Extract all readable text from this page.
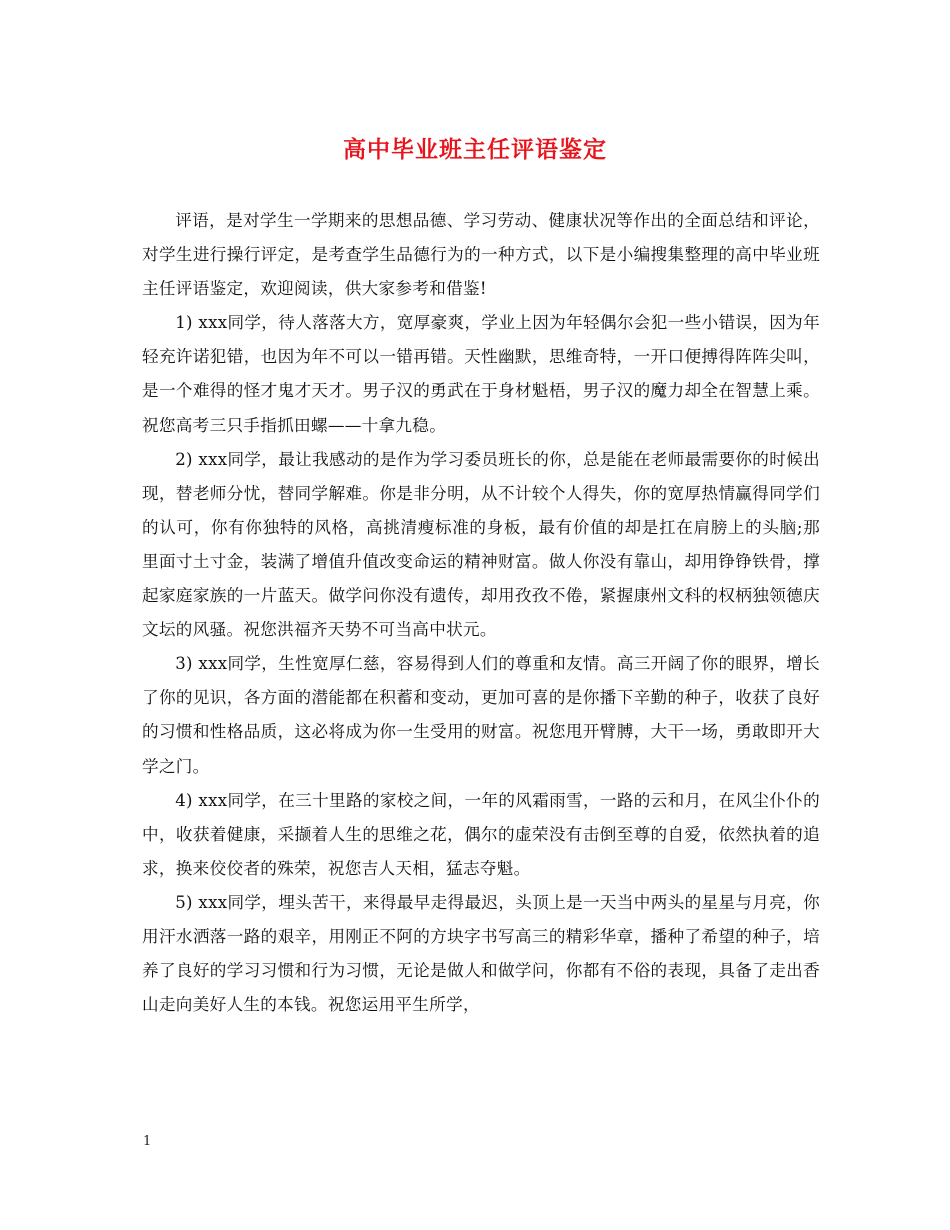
高中毕业班主任评语鉴定

评语，是对学生一学期来的思想品德、学习劳动、健康状况等作出的全面总结和评论，对学生进行操行评定，是考查学生品德行为的一种方式，以下是小编搜集整理的高中毕业班主任评语鉴定，欢迎阅读，供大家参考和借鉴!

1) xxx同学，待人落落大方，宽厚豪爽，学业上因为年轻偶尔会犯一些小错误，因为年轻充许诺犯错，也因为年不可以一错再错。天性幽默，思维奇特，一开口便搏得阵阵尖叫，是一个难得的怪才鬼才天才。男子汉的勇武在于身材魁梧，男子汉的魔力却全在智慧上乘。祝您高考三只手指抓田螺——十拿九稳。

2) xxx同学，最让我感动的是作为学习委员班长的你，总是能在老师最需要你的时候出现，替老师分忧，替同学解难。你是非分明，从不计较个人得失，你的宽厚热情赢得同学们的认可，你有你独特的风格，高挑清瘦标准的身板，最有价值的却是扛在肩膀上的头脑;那里面寸土寸金，装满了增值升值改变命运的精神财富。做人你没有靠山，却用铮铮铁骨，撑起家庭家族的一片蓝天。做学问你没有遗传，却用孜孜不倦，紧握康州文科的权柄独领德庆文坛的风骚。祝您洪福齐天势不可当高中状元。

3) xxx同学，生性宽厚仁慈，容易得到人们的尊重和友情。高三开阔了你的眼界，增长了你的见识，各方面的潜能都在积蓄和变动，更加可喜的是你播下辛勤的种子，收获了良好的习惯和性格品质，这必将成为你一生受用的财富。祝您甩开臂膊，大干一场，勇敢即开大学之门。

4) xxx同学，在三十里路的家校之间，一年的风霜雨雪，一路的云和月，在风尘仆仆的中，收获着健康，采撷着人生的思维之花，偶尔的虚荣没有击倒至尊的自爱，依然执着的追求，换来佼佼者的殊荣，祝您吉人天相，猛志夺魁。

5) xxx同学，埋头苦干，来得最早走得最迟，头顶上是一天当中两头的星星与月亮，你用汗水洒落一路的艰辛，用刚正不阿的方块字书写高三的精彩华章，播种了希望的种子，培养了良好的学习习惯和行为习惯，无论是做人和做学问，你都有不俗的表现，具备了走出香山走向美好人生的本钱。祝您运用平生所学，

1
